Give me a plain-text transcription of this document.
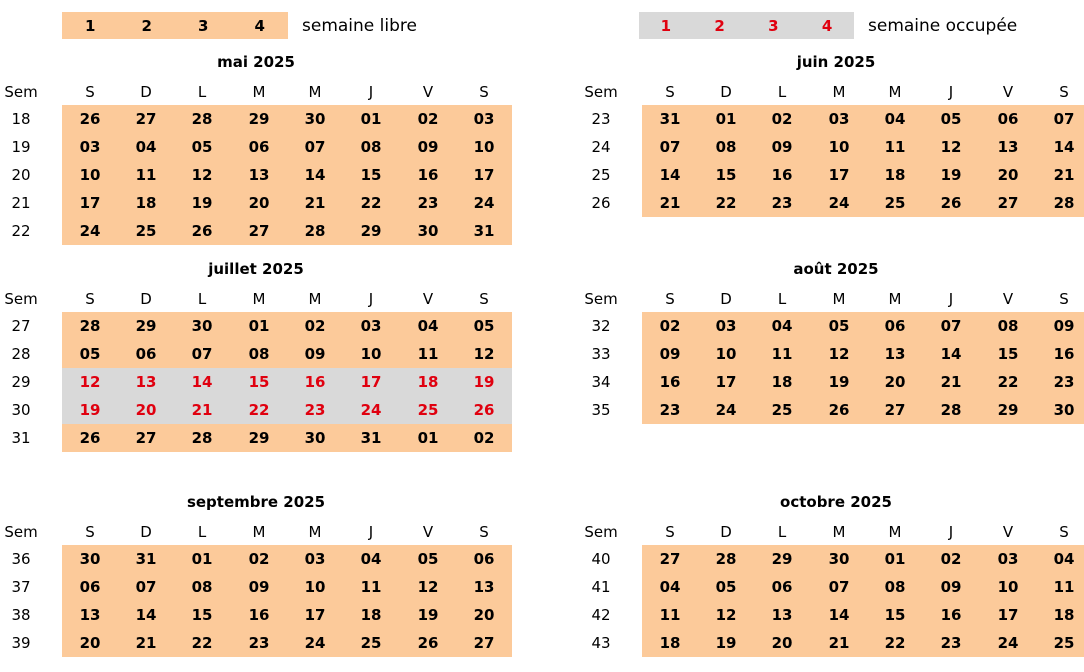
1	2	3	4	semaine libre	1	2	3	4	semaine occupée
mai 2025
Sem	S	D	L	M	M	J	V	S
18	26	27	28	29	30	01	02	03
19	03	04	05	06	07	08	09	10
20	10	11	12	13	14	15	16	17
21	17	18	19	20	21	22	23	24
22	24	25	26	27	28	29	30	31
juin 2025
Sem	S	D	L	M	M	J	V	S
23	31	01	02	03	04	05	06	07
24	07	08	09	10	11	12	13	14
25	14	15	16	17	18	19	20	21
26	21	22	23	24	25	26	27	28
juillet 2025
Sem	S	D	L	M	M	J	V	S
27	28	29	30	01	02	03	04	05
28	05	06	07	08	09	10	11	12
29	12	13	14	15	16	17	18	19
30	19	20	21	22	23	24	25	26
31	26	27	28	29	30	31	01	02
août 2025
Sem	S	D	L	M	M	J	V	S
32	02	03	04	05	06	07	08	09
33	09	10	11	12	13	14	15	16
34	16	17	18	19	20	21	22	23
35	23	24	25	26	27	28	29	30
septembre 2025
Sem	S	D	L	M	M	J	V	S
36	30	31	01	02	03	04	05	06
37	06	07	08	09	10	11	12	13
38	13	14	15	16	17	18	19	20
39	20	21	22	23	24	25	26	27
octobre 2025
Sem	S	D	L	M	M	J	V	S
40	27	28	29	30	01	02	03	04
41	04	05	06	07	08	09	10	11
42	11	12	13	14	15	16	17	18
43	18	19	20	21	22	23	24	25
